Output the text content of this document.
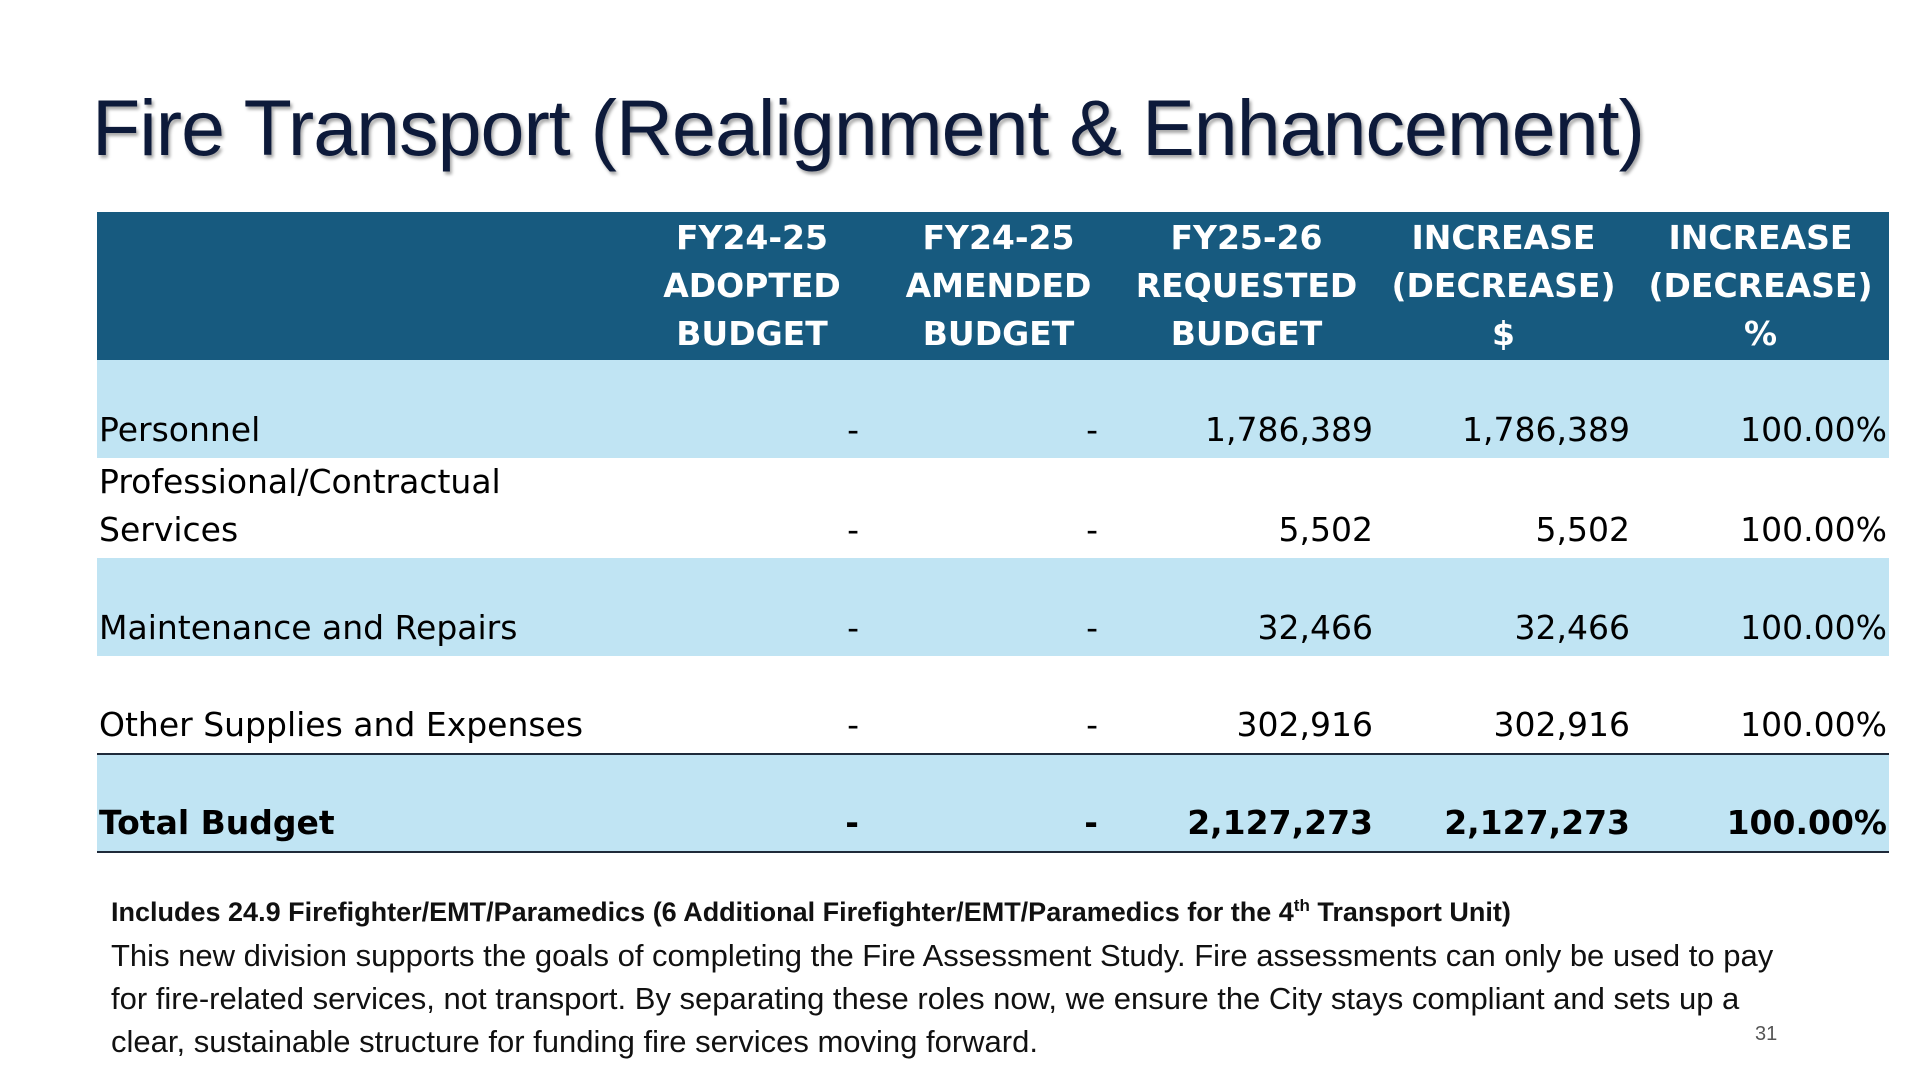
Fire Transport (Realignment & Enhancement)

	FY24-25
ADOPTED
BUDGET	FY24-25
AMENDED
BUDGET	FY25-26
REQUESTED
BUDGET	INCREASE
(DECREASE)
$	INCREASE
(DECREASE)
%

Personnel	-	-	1,786,389	1,786,389	100.00%
Professional/Contractual Services	-	-	5,502	5,502	100.00%
Maintenance and Repairs	-	-	32,466	32,466	100.00%
Other Supplies and Expenses	-	-	302,916	302,916	100.00%
Total Budget	-	-	2,127,273	2,127,273	100.00%
Includes 24.9 Firefighter/EMT/Paramedics (6 Additional Firefighter/EMT/Paramedics for the 4th Transport Unit)
This new division supports the goals of completing the Fire Assessment Study. Fire assessments can only be used to pay for fire-related services, not transport. By separating these roles now, we ensure the City stays compliant and sets up a clear, sustainable structure for funding fire services moving forward.	31
